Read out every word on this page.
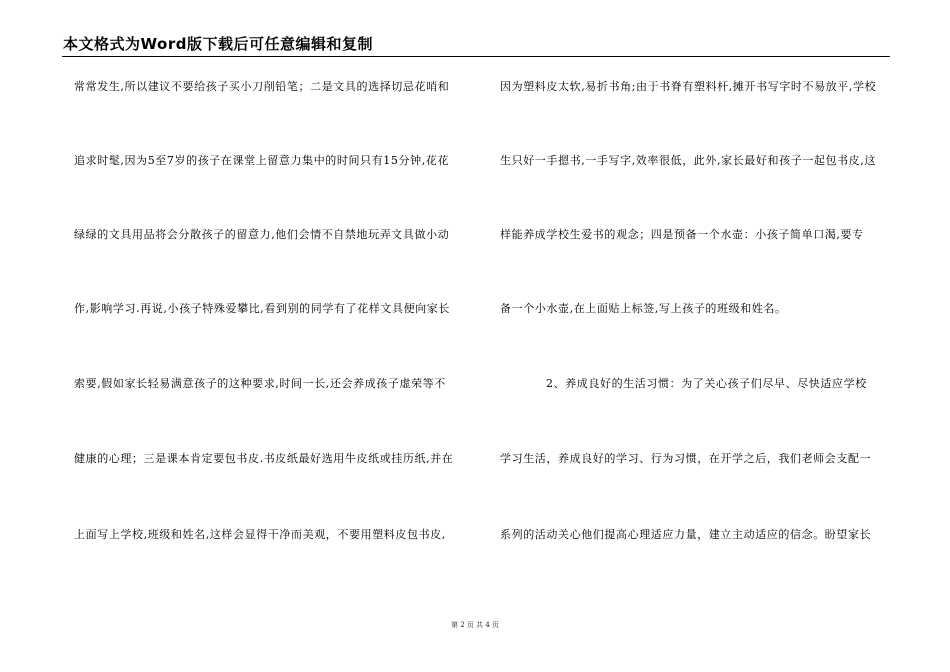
本文格式为Word版下载后可任意编辑和复制
常常发生,所以建议不要给孩子买小刀削铅笔；二是文具的选择切忌花哨和
追求时髦,因为5至7岁的孩子在课堂上留意力集中的时间只有15分钟,花花
绿绿的文具用品将会分散孩子的留意力,他们会情不自禁地玩弄文具做小动
作,影响学习.再说,小孩子特殊爱攀比,看到别的同学有了花样文具便向家长
索要,假如家长轻易满意孩子的这种要求,时间一长,还会养成孩子虚荣等不
健康的心理；三是课本肯定要包书皮.书皮纸最好选用牛皮纸或挂历纸,并在
上面写上学校,班级和姓名,这样会显得干净而美观，不要用塑料皮包书皮,
因为塑料皮太软,易折书角;由于书脊有塑料杆,摊开书写字时不易放平,学校
生只好一手摁书,一手写字,效率很低，此外,家长最好和孩子一起包书皮,这
样能养成学校生爱书的观念；四是预备一个水壶：小孩子简单口渴,要专
备一个小水壶,在上面贴上标签,写上孩子的班级和姓名。
2、养成良好的生活习惯：为了关心孩子们尽早、尽快适应学校
学习生活，养成良好的学习、行为习惯，在开学之后，我们老师会支配一
系列的活动关心他们提高心理适应力量，建立主动适应的信念。盼望家长
第 2 页 共 4 页
